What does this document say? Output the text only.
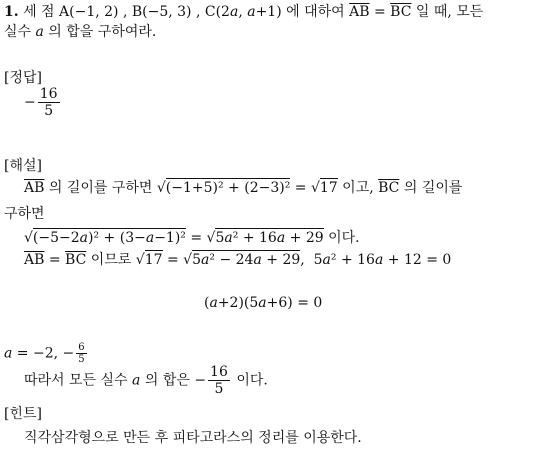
1. 세 점 A(−1, 2) , B(−5, 3) , C(2a, a+1) 에 대하여 $\overline{AB} = \overline{BC}$ 일 때, 모든
실수 a 의 합을 구하여라.
[정답]
− $\frac{16}{5}$
[해설]
$\overline{AB}$ 의 길이를 구하면 √(−1+5)² + (2−3)² = √17 이고, $\overline{BC}$ 의 길이를
구하면
√(−5−2a)² + (3−a−1)² = √5a² + 16a + 29 이다.
$\overline{AB} = \overline{BC}$ 이므로 √17 = √5a² − 24a + 29,  5a² + 16a + 12 = 0
(a+2)(5a+6) = 0
a = −2, − $\frac{6}{5}$
따라서 모든 실수 a 의 합은 − $\frac{16}{5}$ 이다.
[힌트]
직각삼각형으로 만든 후 피타고라스의 정리를 이용한다.
